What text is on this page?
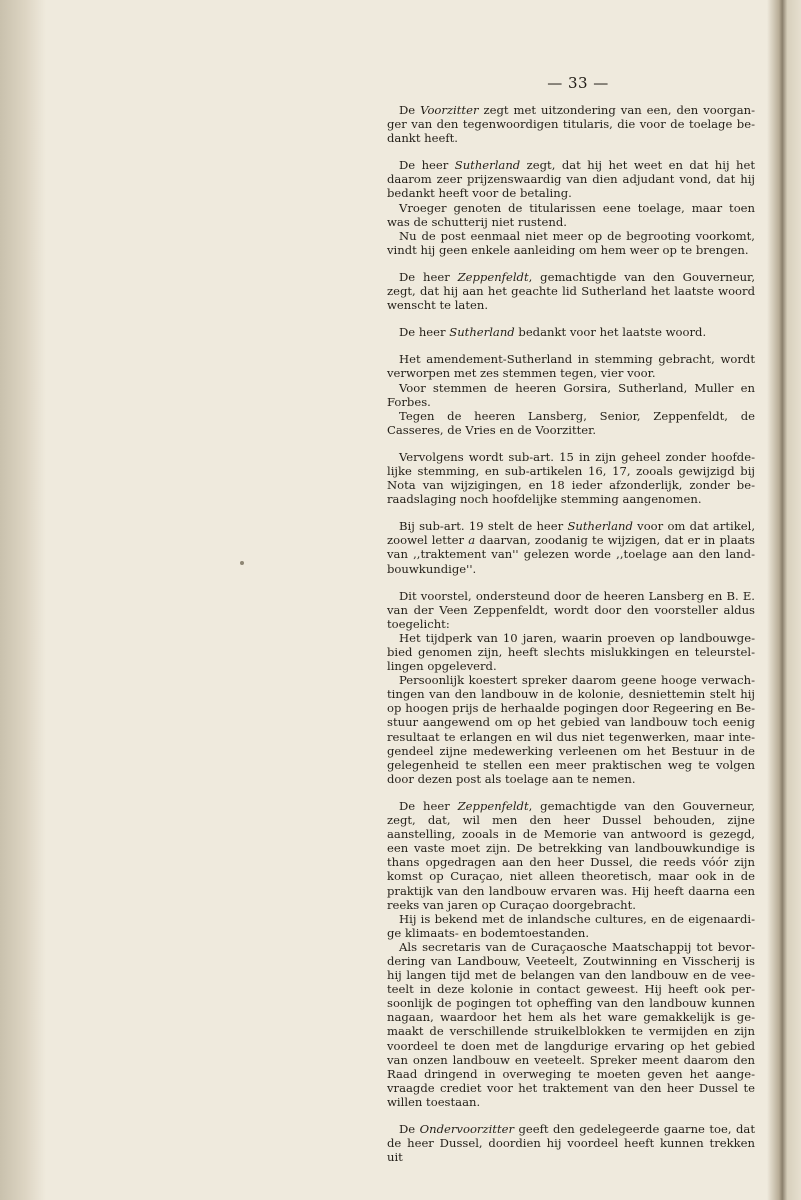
— 33 —

De Voorzitter zegt met uitzondering van een, den voorganger van den tegenwoordigen titularis, die voor de toelage bedankt heeft.

De heer Sutherland zegt, dat hij het weet en dat hij het daarom zeer prijzenswaardig van dien adjudant vond, dat hij bedankt heeft voor de betaling.

Vroeger genoten de titularissen eene toelage, maar toen was de schutterij niet rustend.

Nu de post eenmaal niet meer op de begrooting voorkomt, vindt hij geen enkele aanleiding om hem weer op te brengen.

De heer Zeppenfeldt, gemachtigde van den Gouverneur, zegt, dat hij aan het geachte lid Sutherland het laatste woord wenscht te laten.

De heer Sutherland bedankt voor het laatste woord.

Het amendement-Sutherland in stemming gebracht, wordt verworpen met zes stemmen tegen, vier voor.

Voor stemmen de heeren Gorsira, Sutherland, Muller en Forbes.

Tegen de heeren Lansberg, Senior, Zeppenfeldt, de Casseres, de Vries en de Voorzitter.

Vervolgens wordt sub-art. 15 in zijn geheel zonder hoofdelijke stemming, en sub-artikelen 16, 17, zooals gewijzigd bij Nota van wijzigingen, en 18 ieder afzonderlijk, zonder beraadslaging noch hoofdelijke stemming aangenomen.

Bij sub-art. 19 stelt de heer Sutherland voor om dat artikel, zoowel letter a daarvan, zoodanig te wijzigen, dat er in plaats van ,,traktement van'' gelezen worde ,,toelage aan den landbouwkundige''.

Dit voorstel, ondersteund door de heeren Lansberg en B. E. van der Veen Zeppenfeldt, wordt door den voorsteller aldus toegelicht:

Het tijdperk van 10 jaren, waarin proeven op landbouwgebied genomen zijn, heeft slechts mislukkingen en teleurstellingen opgeleverd.

Persoonlijk koestert spreker daarom geene hooge verwachtingen van den landbouw in de kolonie, desniettemin stelt hij op hoogen prijs de herhaalde pogingen door Regeering en Bestuur aangewend om op het gebied van landbouw toch eenig resultaat te erlangen en wil dus niet tegenwerken, maar integendeel zijne medewerking verleenen om het Bestuur in de gelegenheid te stellen een meer praktischen weg te volgen door dezen post als toelage aan te nemen.

De heer Zeppenfeldt, gemachtigde van den Gouverneur, zegt, dat, wil men den heer Dussel behouden, zijne aanstelling, zooals in de Memorie van antwoord is gezegd, een vaste moet zijn. De betrekking van landbouwkundige is thans opgedragen aan den heer Dussel, die reeds vóór zijn komst op Curaçao, niet alleen theoretisch, maar ook in de praktijk van den landbouw ervaren was. Hij heeft daarna een reeks van jaren op Curaçao doorgebracht.

Hij is bekend met de inlandsche cultures, en de eigenaardige klimaats- en bodemtoestanden.

Als secretaris van de Curaçaosche Maatschappij tot bevordering van Landbouw, Veeteelt, Zoutwinning en Visscherij is hij langen tijd met de belangen van den landbouw en de veeteelt in deze kolonie in contact geweest. Hij heeft ook persoonlijk de pogingen tot opheffing van den landbouw kunnen nagaan, waardoor het hem als het ware gemakkelijk is gemaakt de verschillende struikelblokken te vermijden en zijn voordeel te doen met de langdurige ervaring op het gebied van onzen landbouw en veeteelt. Spreker meent daarom den Raad dringend in overweging te moeten geven het aangevraagde crediet voor het traktement van den heer Dussel te willen toestaan.

De Ondervoorzitter geeft den gedelegeerde gaarne toe, dat de heer Dussel, doordien hij voordeel heeft kunnen trekken uit
